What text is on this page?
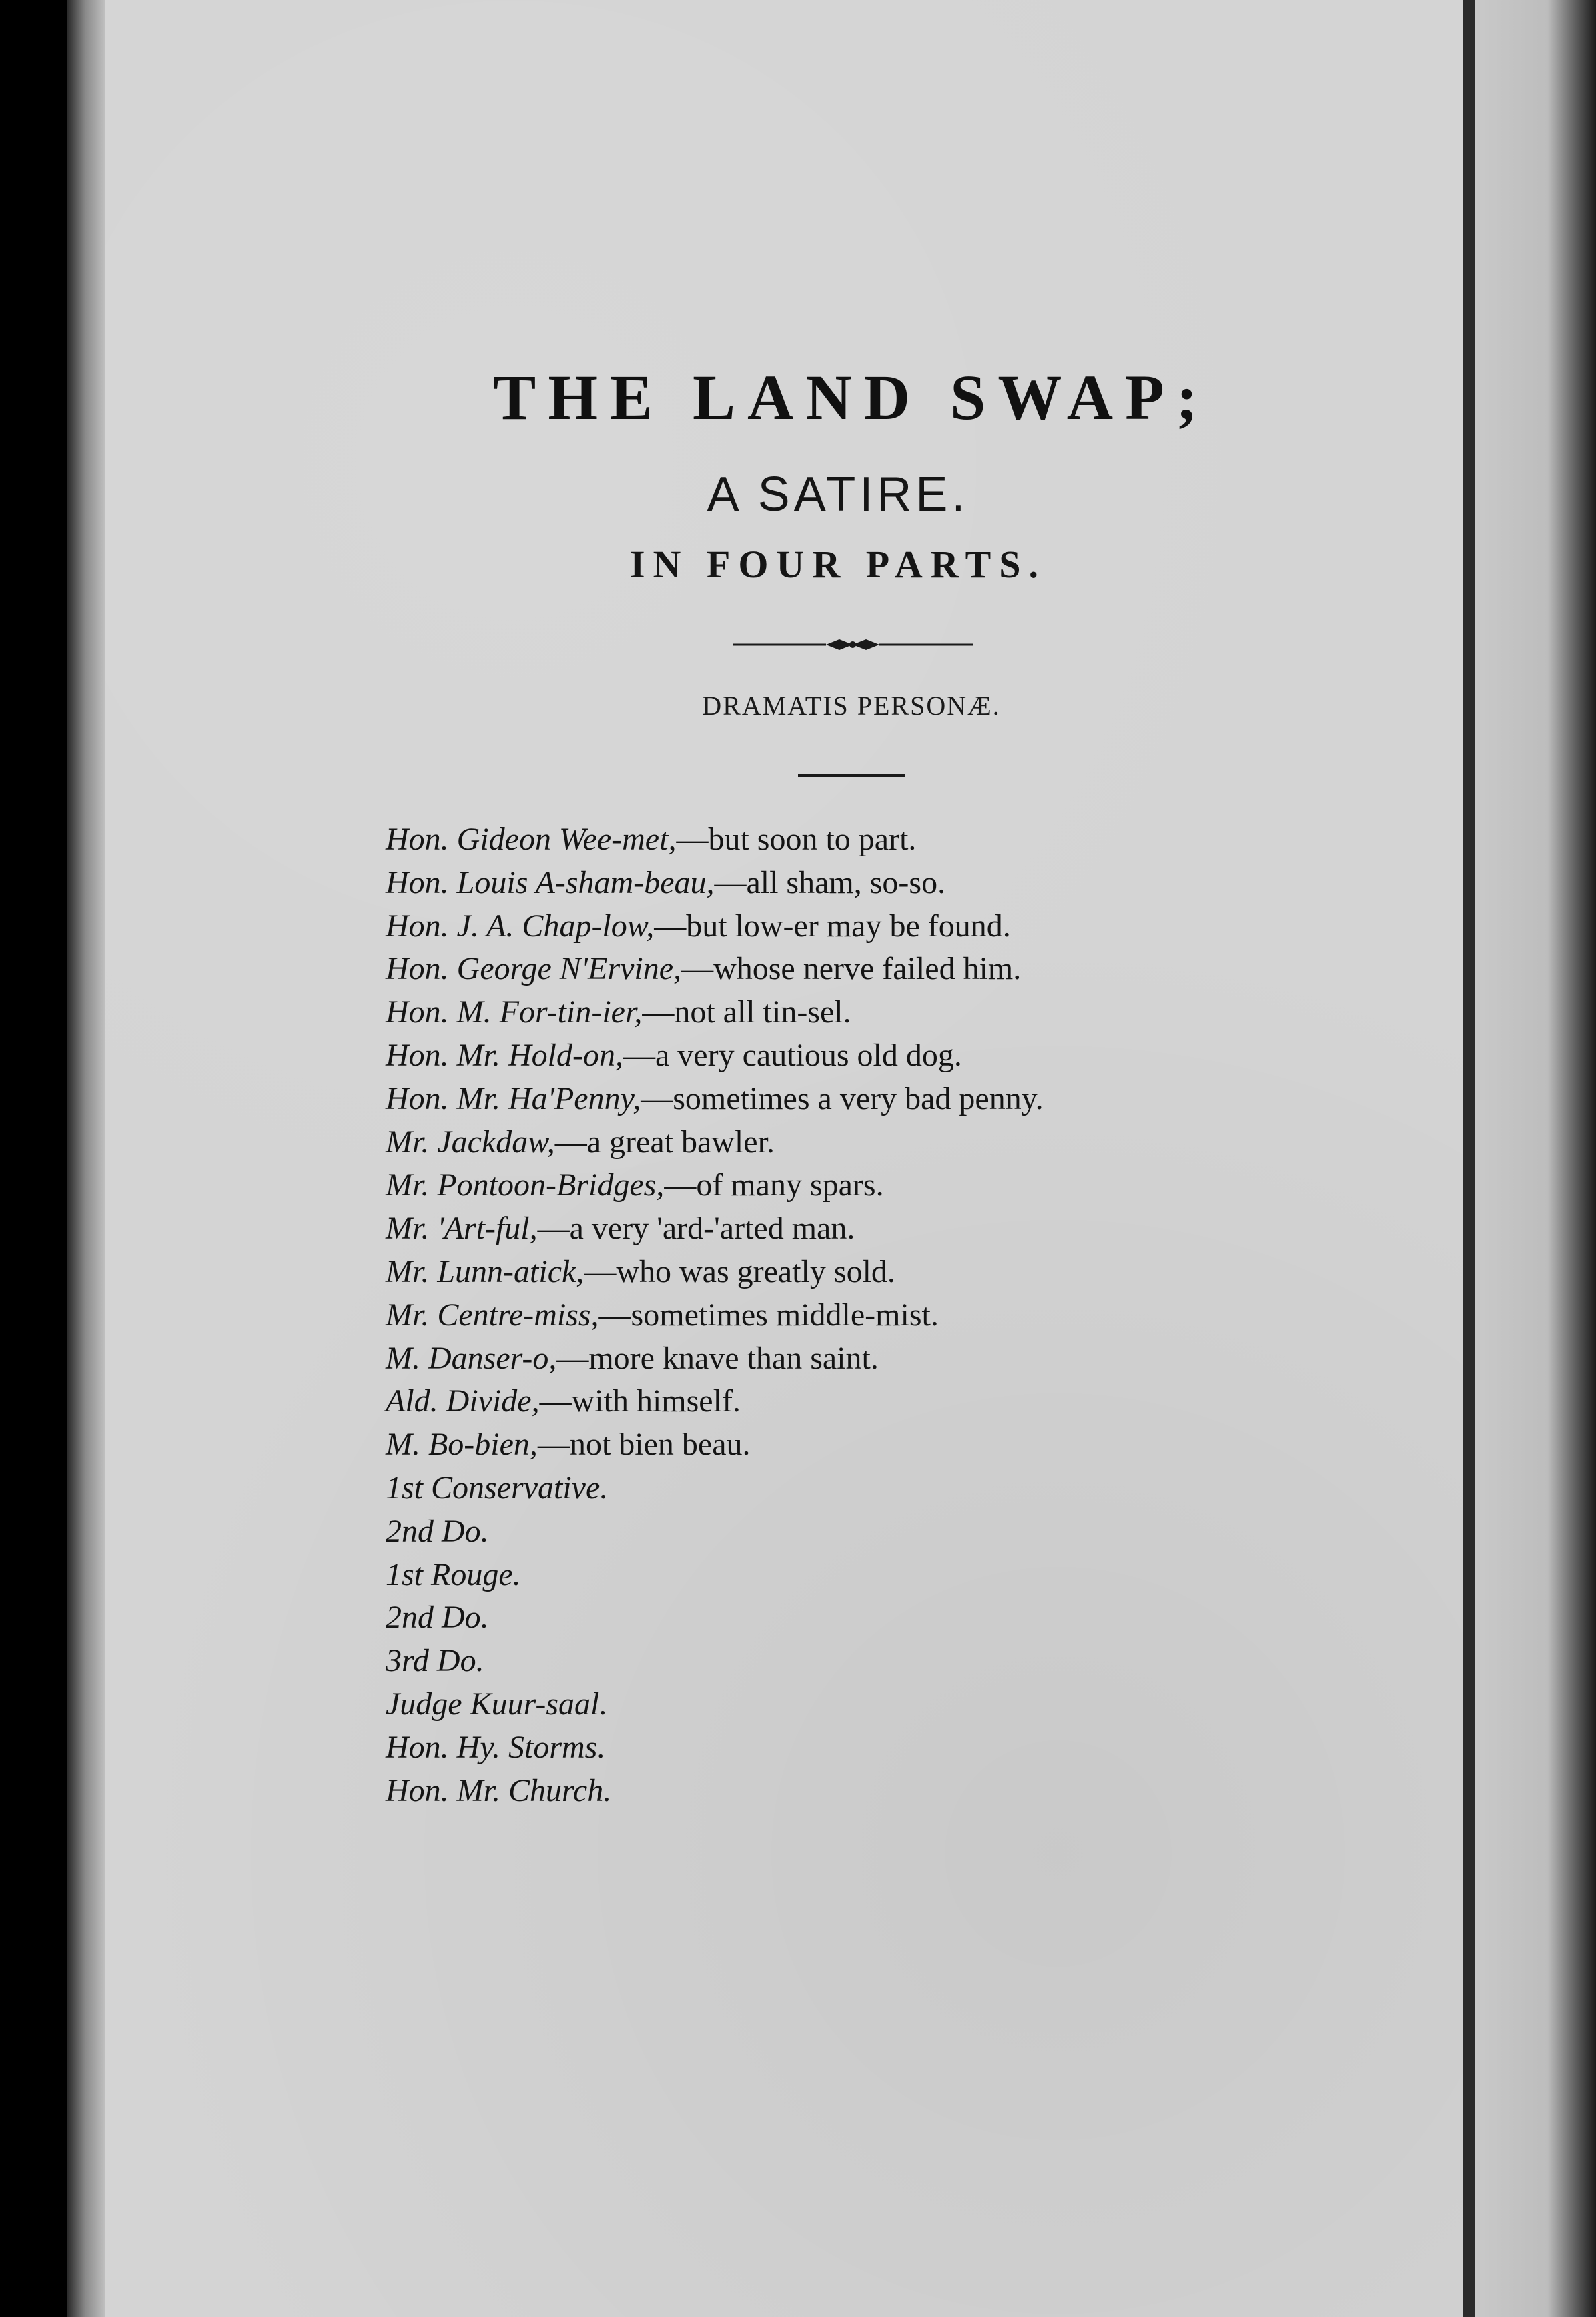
THE LAND SWAP;
A SATIRE.
IN FOUR PARTS.
DRAMATIS PERSONÆ.
Hon. Gideon Wee-met,—but soon to part.
Hon. Louis A-sham-beau,—all sham, so-so.
Hon. J. A. Chap-low,—but low-er may be found.
Hon. George N'Ervine,—whose nerve failed him.
Hon. M. For-tin-ier,—not all tin-sel.
Hon. Mr. Hold-on,—a very cautious old dog.
Hon. Mr. Ha'Penny,—sometimes a very bad penny.
Mr. Jackdaw,—a great bawler.
Mr. Pontoon-Bridges,—of many spars.
Mr. 'Art-ful,—a very 'ard-'arted man.
Mr. Lunn-atick,—who was greatly sold.
Mr. Centre-miss,—sometimes middle-mist.
M. Danser-o,—more knave than saint.
Ald. Divide,—with himself.
M. Bo-bien,—not bien beau.
1st Conservative.
2nd Do.
1st Rouge.
2nd Do.
3rd Do.
Judge Kuur-saal.
Hon. Hy. Storms.
Hon. Mr. Church.
